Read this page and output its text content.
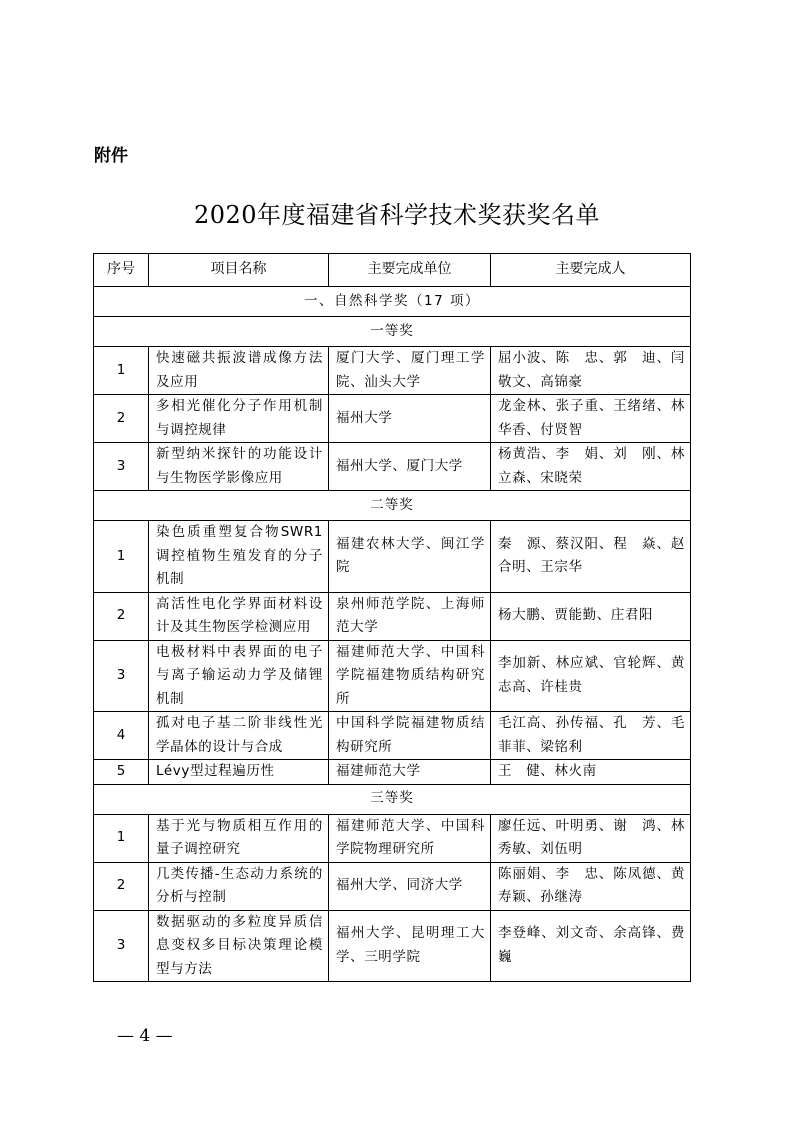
附件
2020年度福建省科学技术奖获奖名单
序号	项目名称	主要完成单位	主要完成人
一、自然科学奖（17 项）			
一等奖			
1	快速磁共振波谱成像方法及应用	厦门大学、厦门理工学院、汕头大学	屈小波、陈　忠、郭　迪、闫敬文、高锦豪
2	多相光催化分子作用机制与调控规律	福州大学	龙金林、张子重、王绪绪、林华香、付贤智
3	新型纳米探针的功能设计与生物医学影像应用	福州大学、厦门大学	杨黄浩、李　娟、刘　刚、林立森、宋晓荣
二等奖			
1	染色质重塑复合物SWR1调控植物生殖发育的分子机制	福建农林大学、闽江学院	秦　源、蔡汉阳、程　焱、赵合明、王宗华
2	高活性电化学界面材料设计及其生物医学检测应用	泉州师范学院、上海师范大学	杨大鹏、贾能勤、庄君阳
3	电极材料中表界面的电子与离子输运动力学及储锂机制	福建师范大学、中国科学院福建物质结构研究所	李加新、林应斌、官轮辉、黄志高、许桂贵
4	孤对电子基二阶非线性光学晶体的设计与合成	中国科学院福建物质结构研究所	毛江高、孙传福、孔　芳、毛菲菲、梁铭利
5	Lévy型过程遍历性	福建师范大学	王　健、林火南
三等奖			
1	基于光与物质相互作用的量子调控研究	福建师范大学、中国科学院物理研究所	廖任远、叶明勇、谢　鸿、林秀敏、刘伍明
2	几类传播-生态动力系统的分析与控制	福州大学、同济大学	陈丽娟、李　忠、陈凤德、黄寿颖、孙继涛
3	数据驱动的多粒度异质信息变权多目标决策理论模型与方法	福州大学、昆明理工大学、三明学院	李登峰、刘文奇、余高锋、费　巍
— 4 —
